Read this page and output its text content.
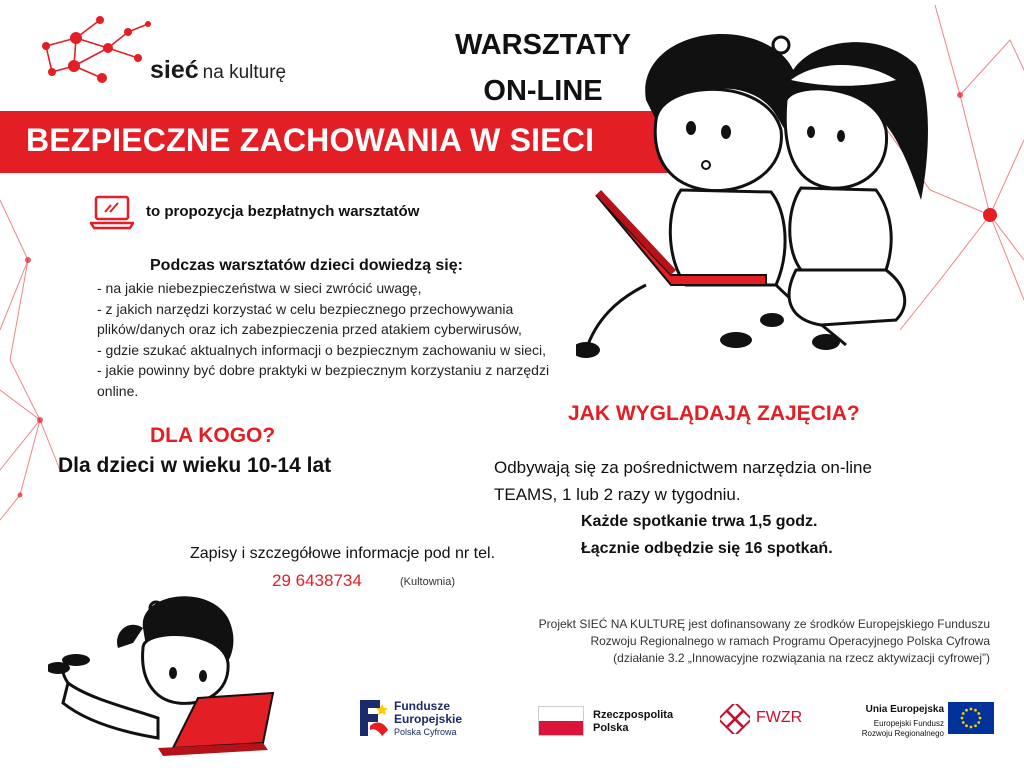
sieć na kulturę
WARSZTATY
ON-LINE
BEZPIECZNE ZACHOWANIA W SIECI
to propozycja bezpłatnych warsztatów
Podczas warsztatów dzieci dowiedzą się:
- na jakie niebezpieczeństwa w sieci zwrócić uwagę,
- z jakich narzędzi korzystać w celu bezpiecznego przechowywania
plików/danych oraz ich zabezpieczenia przed atakiem cyberwirusów,
- gdzie szukać aktualnych informacji o bezpiecznym zachowaniu w sieci,
- jakie powinny być dobre praktyki w bezpiecznym korzystaniu z narzędzi
online.
DLA KOGO?
Dla dzieci w wieku 10-14 lat
JAK WYGLĄDAJĄ ZAJĘCIA?
Odbywają się za pośrednictwem narzędzia on-line
TEAMS, 1 lub 2 razy w tygodniu.
Każde spotkanie trwa 1,5 godz.
Łącznie odbędzie się 16 spotkań.
Zapisy i szczegółowe informacje pod nr tel.
29 6438734	(Kultownia)
Projekt SIEĆ NA KULTURĘ jest dofinansowany ze środków Europejskiego Funduszu
Rozwoju Regionalnego w ramach Programu Operacyjnego Polska Cyfrowa
(działanie 3.2 „Innowacyjne rozwiązania na rzecz aktywizacji cyfrowej”)
Fundusze
Europejskie
Polska Cyfrowa
Rzeczpospolita
Polska
FWZR	Unia Europejska
Europejski Fundusz
Rozwoju Regionalnego
